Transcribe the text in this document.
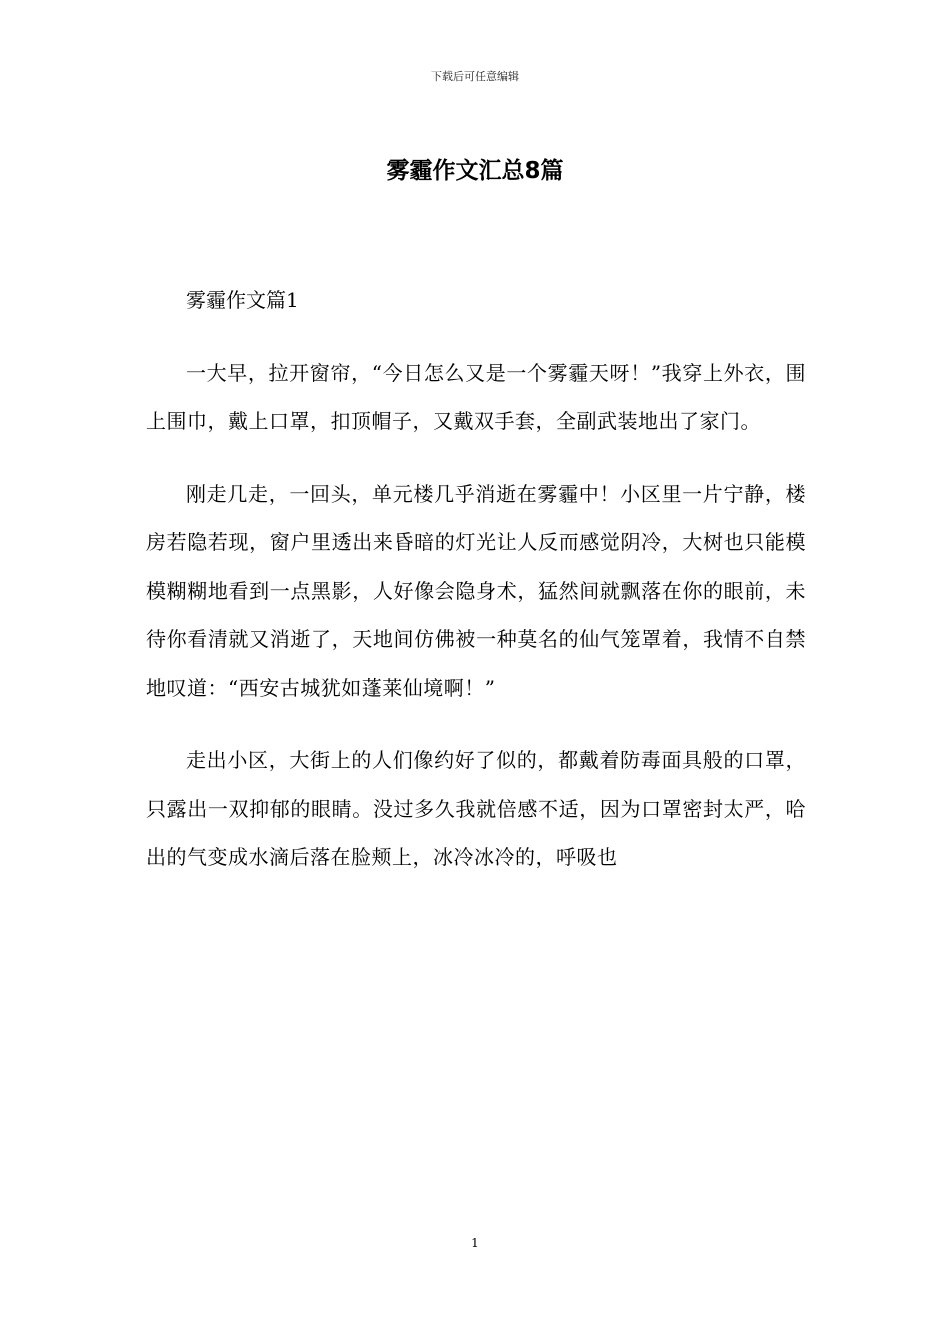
下载后可任意编辑
雾霾作文汇总8篇

雾霾作文篇1

一大早，拉开窗帘，“今日怎么又是一个雾霾天呀！”我穿上外衣，围上围巾，戴上口罩，扣顶帽子，又戴双手套，全副武装地出了家门。

刚走几走，一回头，单元楼几乎消逝在雾霾中！小区里一片宁静，楼房若隐若现，窗户里透出来昏暗的灯光让人反而感觉阴冷，大树也只能模模糊糊地看到一点黑影，人好像会隐身术，猛然间就飘落在你的眼前，未待你看清就又消逝了，天地间仿佛被一种莫名的仙气笼罩着，我情不自禁地叹道：“西安古城犹如蓬莱仙境啊！”

走出小区，大街上的人们像约好了似的，都戴着防毒面具般的口罩，只露出一双抑郁的眼睛。没过多久我就倍感不适，因为口罩密封太严，哈出的气变成水滴后落在脸颊上，冰冷冰冷的，呼吸也

1
